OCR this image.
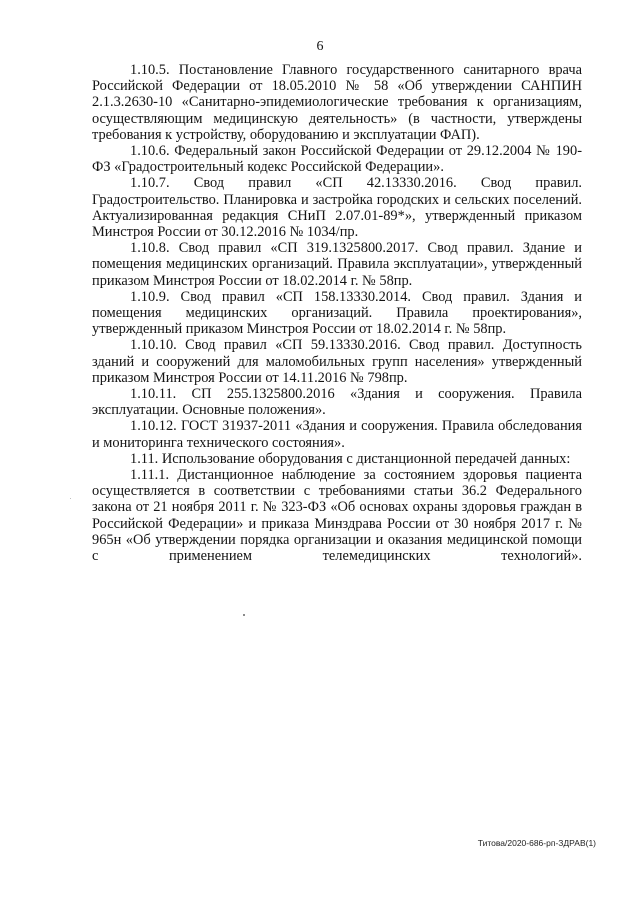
6

1.10.5. Постановление Главного государственного санитарного врача Российской Федерации от 18.05.2010 № 58 «Об утверждении САНПИН 2.1.3.2630-10 «Санитарно-эпидемиологические требования к организациям, осуществляющим медицинскую деятельность» (в частности, утверждены требования к устройству, оборудованию и эксплуатации ФАП).

1.10.6. Федеральный закон Российской Федерации от 29.12.2004 № 190-ФЗ «Градостроительный кодекс Российской Федерации».

1.10.7. Свод правил «СП 42.13330.2016. Свод правил. Градостроительство. Планировка и застройка городских и сельских поселений. Актуализированная редакция СНиП 2.07.01-89*», утвержденный приказом Минстроя России от 30.12.2016 № 1034/пр.

1.10.8. Свод правил «СП 319.1325800.2017. Свод правил. Здание и помещения медицинских организаций. Правила эксплуатации», утвержденный приказом Минстроя России от 18.02.2014 г. № 58пр.

1.10.9. Свод правил «СП 158.13330.2014. Свод правил. Здания и помещения медицинских организаций. Правила проектирования», утвержденный приказом Минстроя России от 18.02.2014 г. № 58пр.

1.10.10. Свод правил «СП 59.13330.2016. Свод правил. Доступность зданий и сооружений для маломобильных групп населения» утвержденный приказом Минстроя России от 14.11.2016 № 798пр.

1.10.11. СП 255.1325800.2016 «Здания и сооружения. Правила эксплуатации. Основные положения».

1.10.12. ГОСТ 31937-2011 «Здания и сооружения. Правила обследования и мониторинга технического состояния».

1.11. Использование оборудования с дистанционной передачей данных:

1.11.1. Дистанционное наблюдение за состоянием здоровья пациента осуществляется в соответствии с требованиями статьи 36.2 Федерального закона от 21 ноября 2011 г. № 323-ФЗ «Об основах охраны здоровья граждан в Российской Федерации» и приказа Минздрава России от 30 ноября 2017 г. № 965н «Об утверждении порядка организации и оказания медицинской помощи с применением телемедицинских технологий».

Титова/2020-686-рп-ЗДРАВ(1)
